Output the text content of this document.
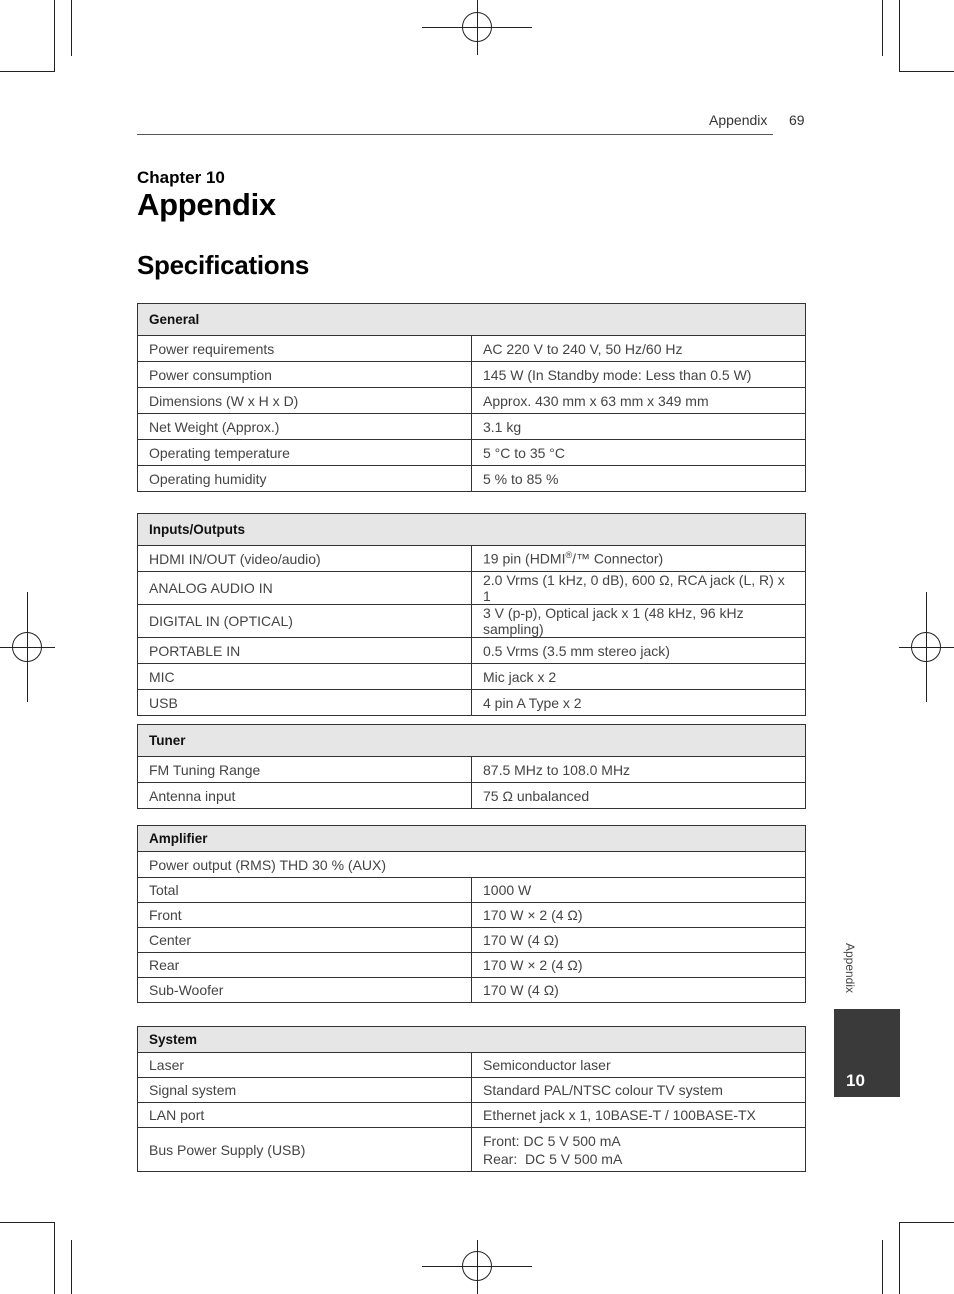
Appendix 69
Chapter 10
Appendix
Specifications
General	
Power requirements	AC 220 V to 240 V, 50 Hz/60 Hz
Power consumption	145 W (In Standby mode: Less than 0.5 W)
Dimensions (W x H x D)	Approx. 430 mm x 63 mm x 349 mm
Net Weight (Approx.)	3.1 kg
Operating temperature	5 °C to 35 °C
Operating humidity	5 % to 85 %
Inputs/Outputs	
HDMI IN/OUT (video/audio)	19 pin (HDMI®/™ Connector)
ANALOG AUDIO IN	2.0 Vrms (1 kHz, 0 dB), 600 Ω, RCA jack (L, R) x 1
DIGITAL IN (OPTICAL)	3 V (p-p), Optical jack x 1 (48 kHz, 96 kHz sampling)
PORTABLE IN	0.5 Vrms (3.5 mm stereo jack)
MIC	Mic jack x 2
USB	4 pin A Type x 2
Tuner	
FM Tuning Range	87.5 MHz to 108.0 MHz
Antenna input	75 Ω unbalanced
Amplifier	
Power output (RMS) THD 30 % (AUX)	
Total	1000 W
Front	170 W × 2 (4 Ω)
Center	170 W (4 Ω)
Rear	170 W × 2 (4 Ω)
Sub-Woofer	170 W (4 Ω)
System	
Laser	Semiconductor laser
Signal system	Standard PAL/NTSC colour TV system
LAN port	Ethernet jack x 1, 10BASE-T / 100BASE-TX
Bus Power Supply (USB)	Front: DC 5 V 500 mA
Rear:  DC 5 V 500 mA
Appendix
10
